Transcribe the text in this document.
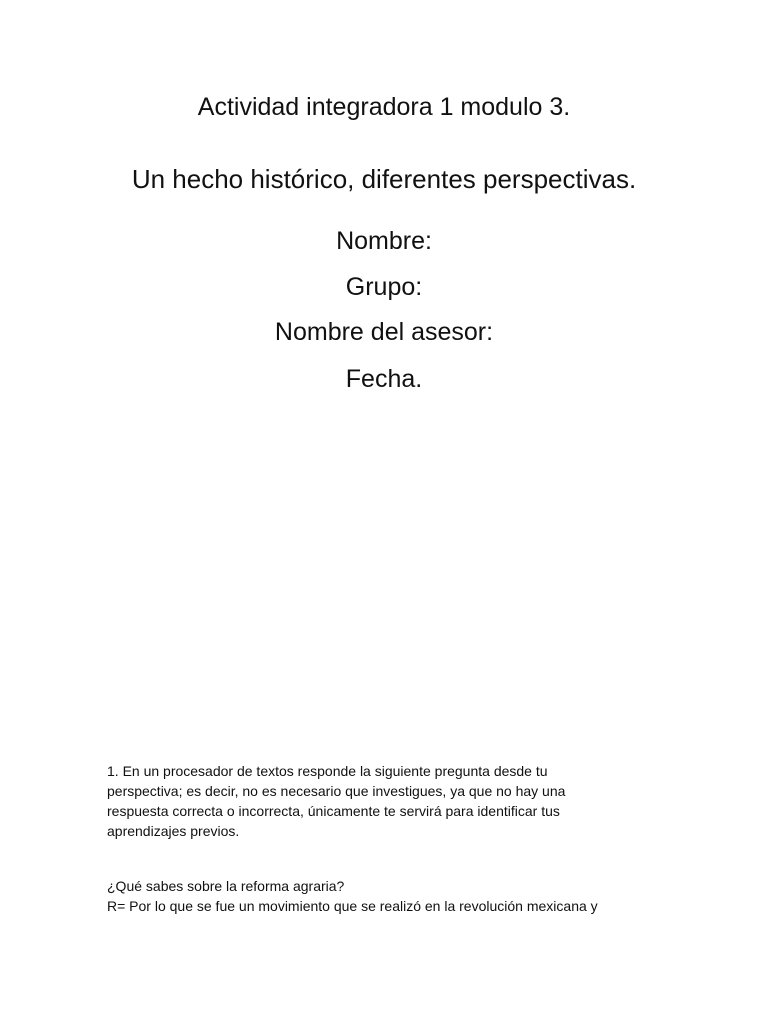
Actividad integradora 1 modulo 3.
Un hecho histórico, diferentes perspectivas.
Nombre:
Grupo:
Nombre del asesor:
Fecha.
1. En un procesador de textos responde la siguiente pregunta desde tu
perspectiva; es decir, no es necesario que investigues, ya que no hay una
respuesta correcta o incorrecta, únicamente te servirá para identificar tus
aprendizajes previos.
¿Qué sabes sobre la reforma agraria?
R= Por lo que se fue un movimiento que se realizó en la revolución mexicana y
